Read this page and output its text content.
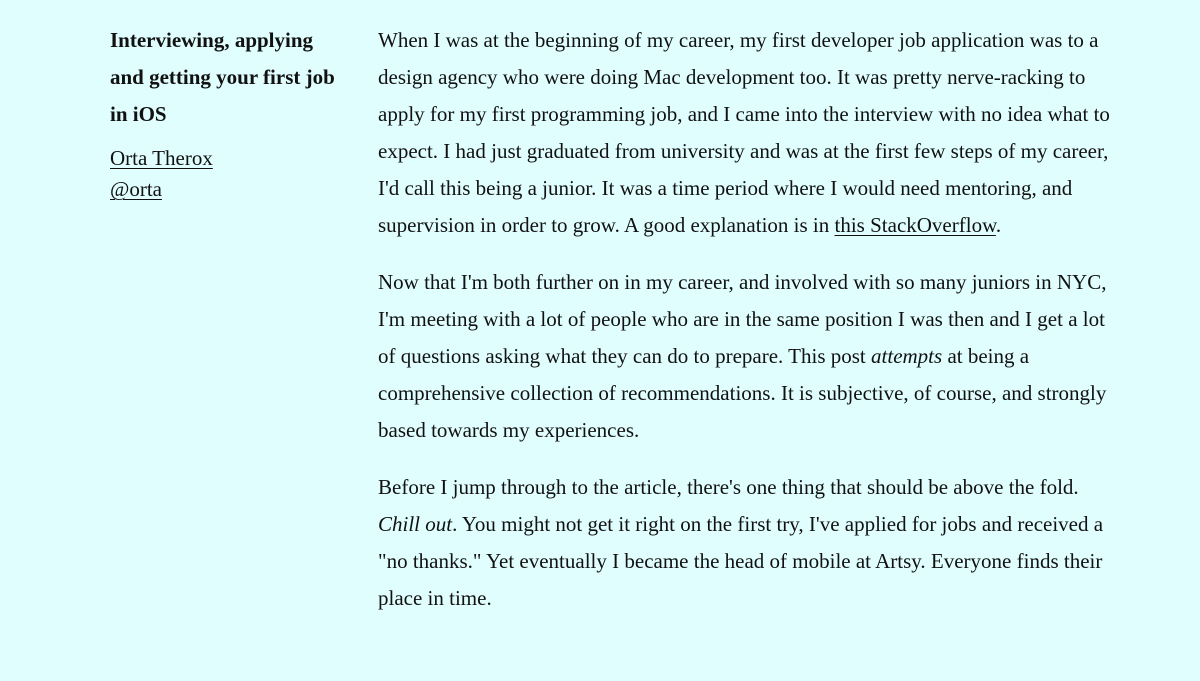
Interviewing, applying and getting your first job in iOS
Orta Therox
@orta

When I was at the beginning of my career, my first developer job application was to a design agency who were doing Mac development too. It was pretty nerve-racking to apply for my first programming job, and I came into the interview with no idea what to expect. I had just graduated from university and was at the first few steps of my career, I'd call this being a junior. It was a time period where I would need mentoring, and supervision in order to grow. A good explanation is in this StackOverflow.

Now that I'm both further on in my career, and involved with so many juniors in NYC, I'm meeting with a lot of people who are in the same position I was then and I get a lot of questions asking what they can do to prepare. This post attempts at being a comprehensive collection of recommendations. It is subjective, of course, and strongly based towards my experiences.

Before I jump through to the article, there's one thing that should be above the fold. Chill out. You might not get it right on the first try, I've applied for jobs and received a "no thanks." Yet eventually I became the head of mobile at Artsy. Everyone finds their place in time.
